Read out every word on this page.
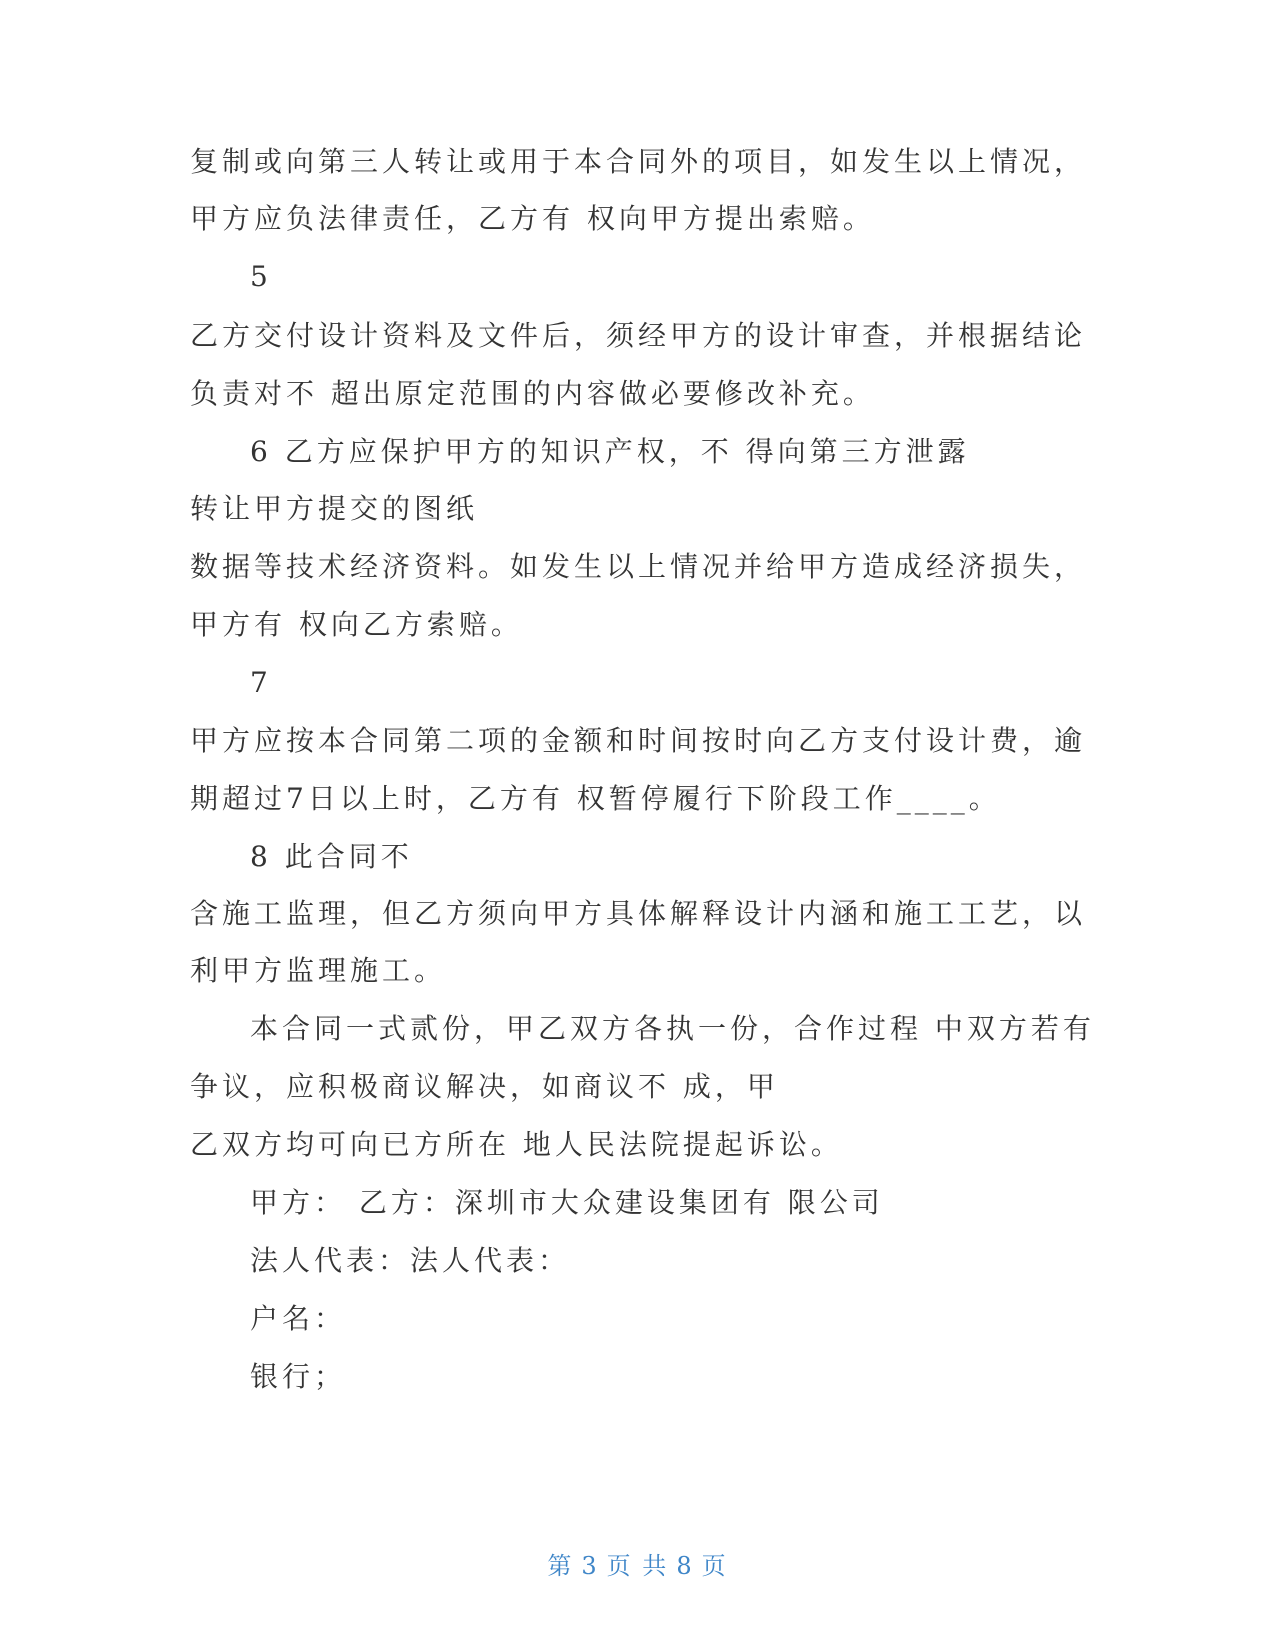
复制或向第三人转让或用于本合同外的项目，如发生以上情况，
甲方应负法律责任，乙方有 权向甲方提出索赔。
5
乙方交付设计资料及文件后，须经甲方的设计审查，并根据结论
负责对不 超出原定范围的内容做必要修改补充。
6 乙方应保护甲方的知识产权，不 得向第三方泄露
转让甲方提交的图纸
数据等技术经济资料。如发生以上情况并给甲方造成经济损失，
甲方有 权向乙方索赔。
7
甲方应按本合同第二项的金额和时间按时向乙方支付设计费，逾
期超过7日以上时，乙方有 权暂停履行下阶段工作____。
8 此合同不
含施工监理，但乙方须向甲方具体解释设计内涵和施工工艺，以
利甲方监理施工。
本合同一式贰份，甲乙双方各执一份，合作过程 中双方若有
争议，应积极商议解决，如商议不 成，甲
乙双方均可向已方所在 地人民法院提起诉讼。
甲方： 乙方：深圳市大众建设集团有 限公司
法人代表：法人代表：
户名：
银行；
第 3 页 共 8 页
